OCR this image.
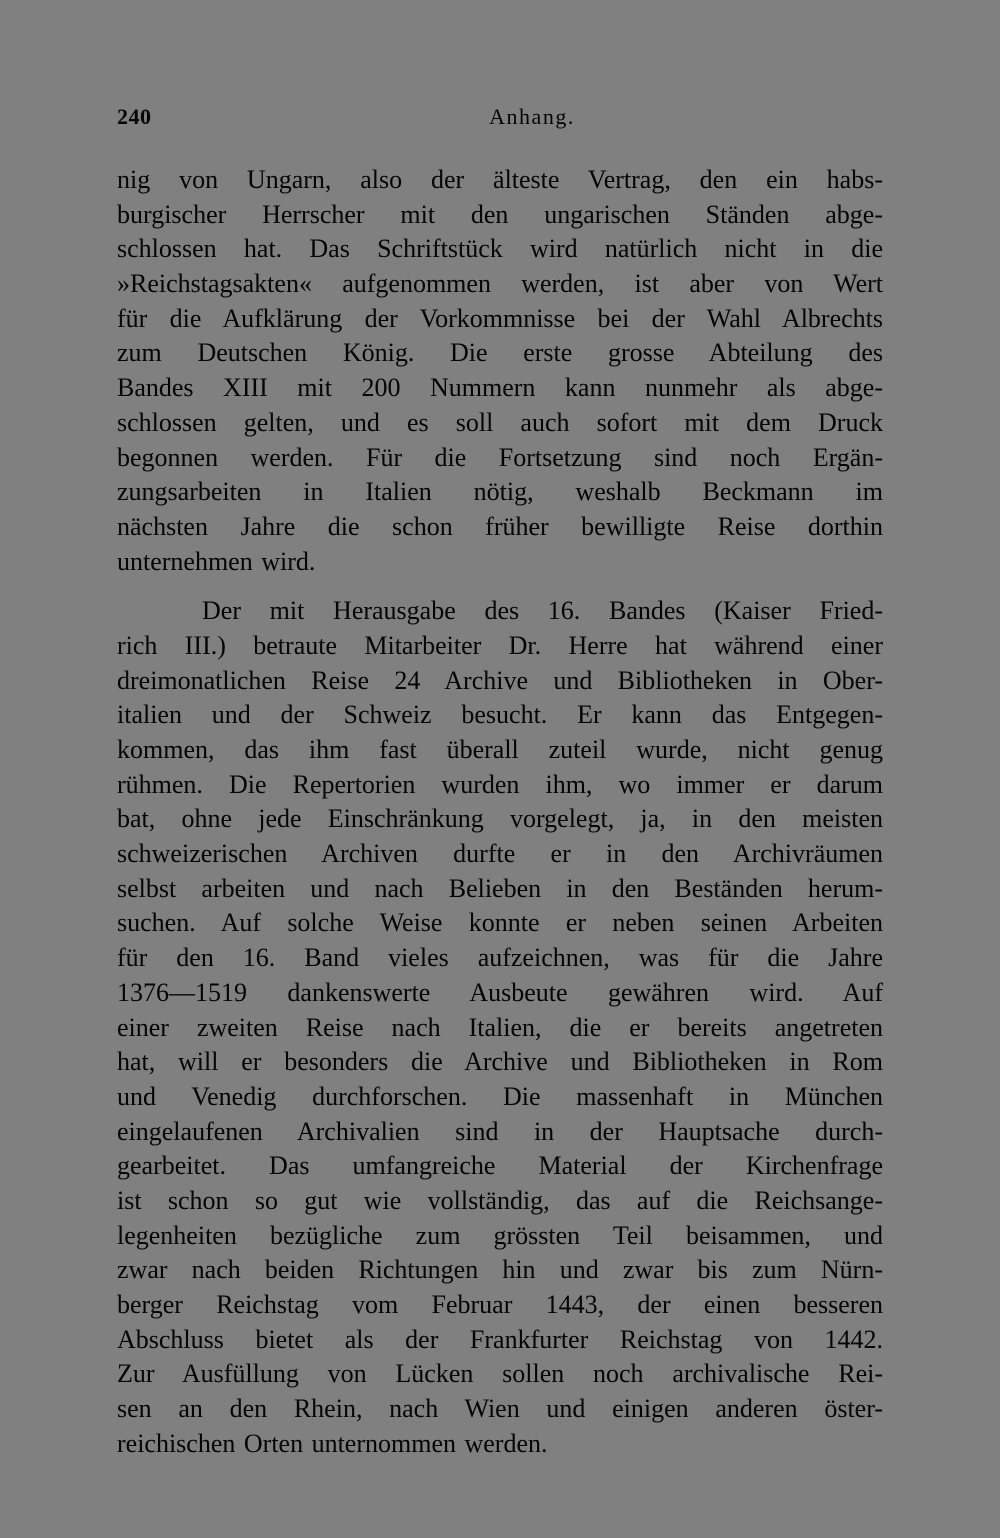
240	Anhang.
nig von Ungarn, also der älteste Vertrag, den ein habs-
burgischer Herrscher mit den ungarischen Ständen abge-
schlossen hat. Das Schriftstück wird natürlich nicht in die
»Reichstagsakten« aufgenommen werden, ist aber von Wert
für die Aufklärung der Vorkommnisse bei der Wahl Albrechts
zum Deutschen König. Die erste grosse Abteilung des
Bandes XIII mit 200 Nummern kann nunmehr als abge-
schlossen gelten, und es soll auch sofort mit dem Druck
begonnen werden. Für die Fortsetzung sind noch Ergän-
zungsarbeiten in Italien nötig, weshalb Beckmann im
nächsten Jahre die schon früher bewilligte Reise dorthin
unternehmen wird.
Der mit Herausgabe des 16. Bandes (Kaiser Fried-
rich III.) betraute Mitarbeiter Dr. Herre hat während einer
dreimonatlichen Reise 24 Archive und Bibliotheken in Ober-
italien und der Schweiz besucht. Er kann das Entgegen-
kommen, das ihm fast überall zuteil wurde, nicht genug
rühmen. Die Repertorien wurden ihm, wo immer er darum
bat, ohne jede Einschränkung vorgelegt, ja, in den meisten
schweizerischen Archiven durfte er in den Archivräumen
selbst arbeiten und nach Belieben in den Beständen herum-
suchen. Auf solche Weise konnte er neben seinen Arbeiten
für den 16. Band vieles aufzeichnen, was für die Jahre
1376—1519 dankenswerte Ausbeute gewähren wird. Auf
einer zweiten Reise nach Italien, die er bereits angetreten
hat, will er besonders die Archive und Bibliotheken in Rom
und Venedig durchforschen. Die massenhaft in München
eingelaufenen Archivalien sind in der Hauptsache durch-
gearbeitet. Das umfangreiche Material der Kirchenfrage
ist schon so gut wie vollständig, das auf die Reichsange-
legenheiten bezügliche zum grössten Teil beisammen, und
zwar nach beiden Richtungen hin und zwar bis zum Nürn-
berger Reichstag vom Februar 1443, der einen besseren
Abschluss bietet als der Frankfurter Reichstag von 1442.
Zur Ausfüllung von Lücken sollen noch archivalische Rei-
sen an den Rhein, nach Wien und einigen anderen öster-
reichischen Orten unternommen werden.
